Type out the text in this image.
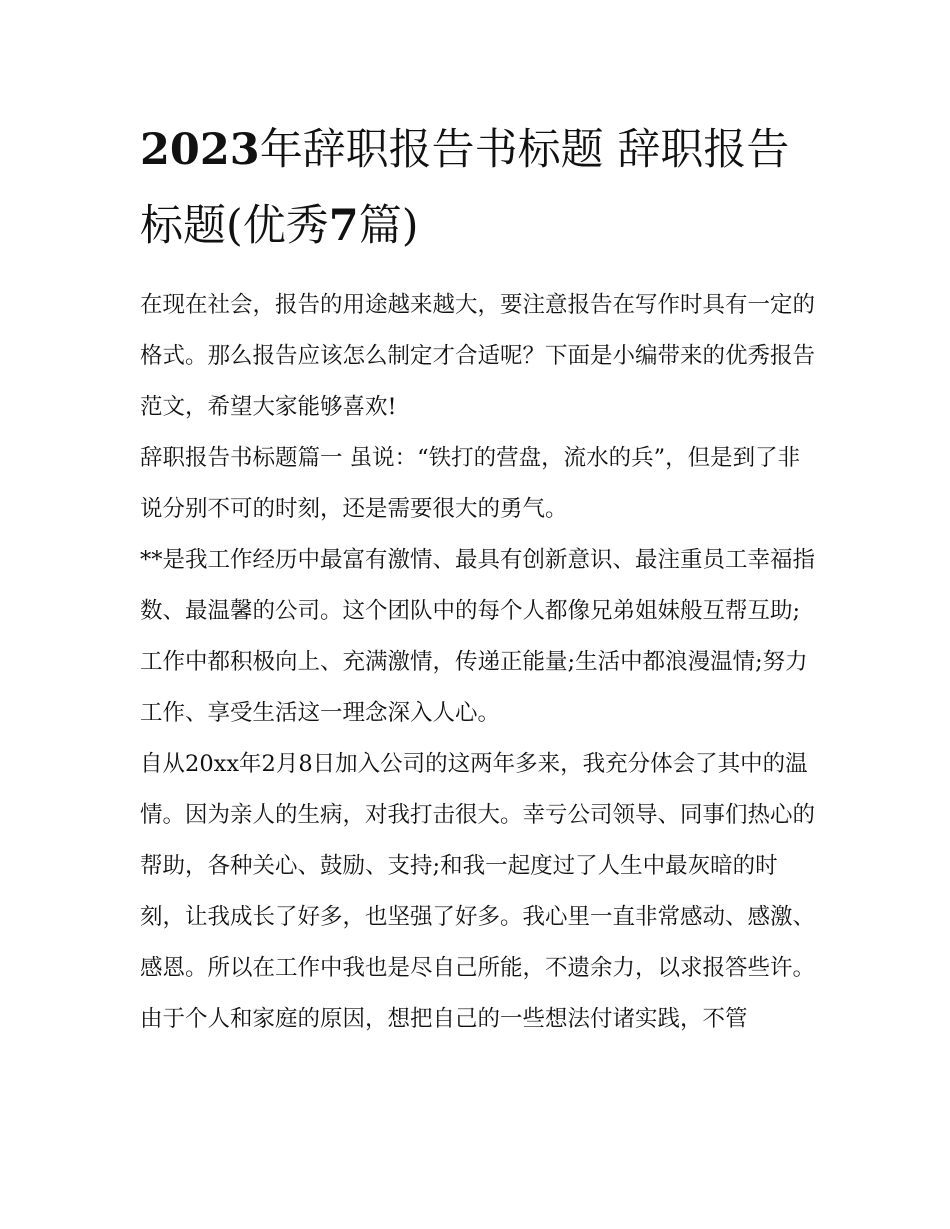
2023年辞职报告书标题 辞职报告标题(优秀7篇)

在现在社会，报告的用途越来越大，要注意报告在写作时具有一定的格式。那么报告应该怎么制定才合适呢？下面是小编带来的优秀报告范文，希望大家能够喜欢!

辞职报告书标题篇一 虽说：“铁打的营盘，流水的兵”，但是到了非说分别不可的时刻，还是需要很大的勇气。

**是我工作经历中最富有激情、最具有创新意识、最注重员工幸福指数、最温馨的公司。这个团队中的每个人都像兄弟姐妹般互帮互助;工作中都积极向上、充满激情，传递正能量;生活中都浪漫温情;努力工作、享受生活这一理念深入人心。

自从20xx年2月8日加入公司的这两年多来，我充分体会了其中的温情。因为亲人的生病，对我打击很大。幸亏公司领导、同事们热心的帮助，各种关心、鼓励、支持;和我一起度过了人生中最灰暗的时刻，让我成长了好多，也坚强了好多。我心里一直非常感动、感激、感恩。所以在工作中我也是尽自己所能，不遗余力，以求报答些许。

由于个人和家庭的原因，想把自己的一些想法付诸实践，不管
